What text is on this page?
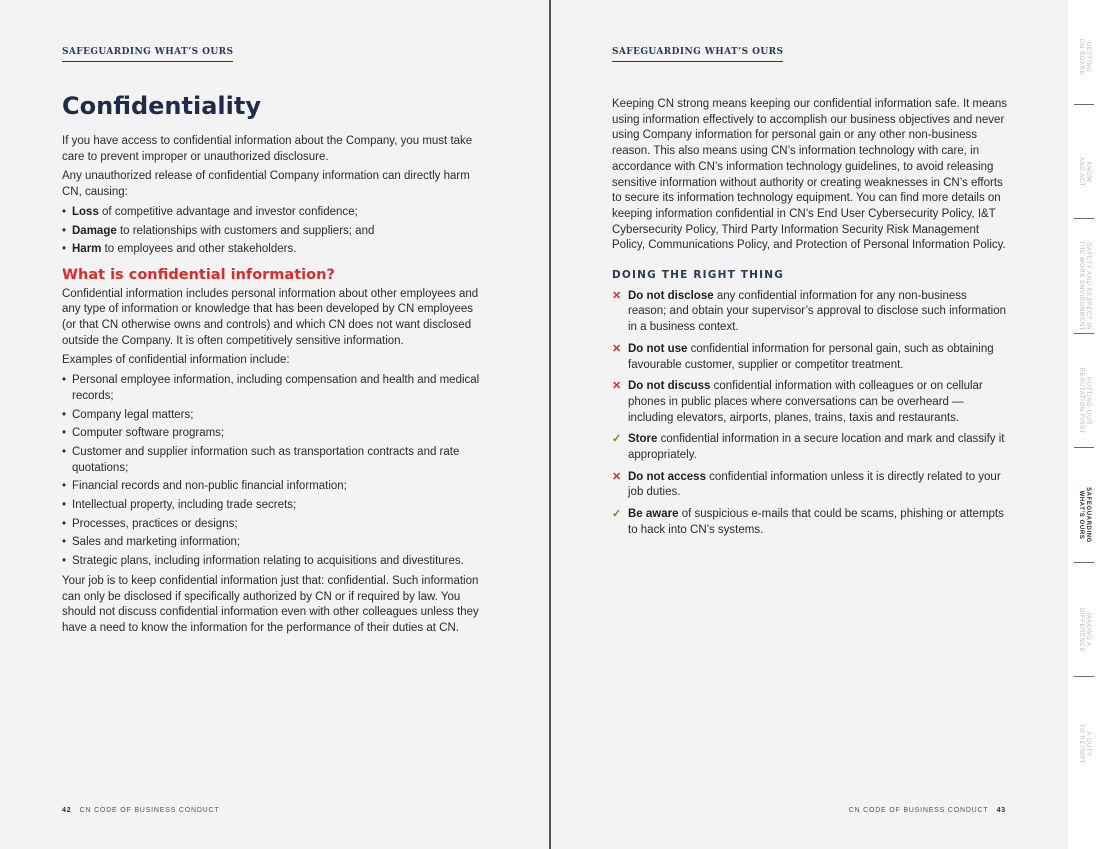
SAFEGUARDING WHAT’S OURS
Confidentiality

If you have access to confidential information about the Company, you must take care to prevent improper or unauthorized disclosure.

Any unauthorized release of confidential Company information can directly harm CN, causing:

• Loss of competitive advantage and investor confidence;
• Damage to relationships with customers and suppliers; and
• Harm to employees and other stakeholders.
What is confidential information?

Confidential information includes personal information about other employees and any type of information or knowledge that has been developed by CN employees (or that CN otherwise owns and controls) and which CN does not want disclosed outside the Company. It is often competitively sensitive information.

Examples of confidential information include:

• Personal employee information, including compensation and health and medical records;
• Company legal matters;
• Computer software programs;
• Customer and supplier information such as transportation contracts and rate quotations;
• Financial records and non-public financial information;
• Intellectual property, including trade secrets;
• Processes, practices or designs;
• Sales and marketing information;
• Strategic plans, including information relating to acquisitions and divestitures.

Your job is to keep confidential information just that: confidential. Such information can only be disclosed if specifically authorized by CN or if required by law. You should not discuss confidential information even with other colleagues unless they have a need to know the information for the performance of their duties at CN.

42 CN CODE OF BUSINESS CONDUCT
SAFEGUARDING WHAT’S OURS

Keeping CN strong means keeping our confidential information safe. It means using information effectively to accomplish our business objectives and never using Company information for personal gain or any other non-business reason. This also means using CN’s information technology with care, in accordance with CN’s information technology guidelines, to avoid releasing sensitive information without authority or creating weaknesses in CN’s efforts to secure its information technology equipment. You can find more details on keeping information confidential in CN’s End User Cybersecurity Policy, I&T Cybersecurity Policy, Third Party Information Security Risk Management Policy, Communications Policy, and Protection of Personal Information Policy.

DOING THE RIGHT THING
✕ Do not disclose any confidential information for any non-business reason; and obtain your supervisor’s approval to disclose such information in a business context.
✕ Do not use confidential information for personal gain, such as obtaining favourable customer, supplier or competitor treatment.
✕ Do not discuss confidential information with colleagues or on cellular phones in public places where conversations can be overheard — including elevators, airports, planes, trains, taxis and restaurants.
✓ Store confidential information in a secure location and mark and classify it appropriately.
✕ Do not access confidential information unless it is directly related to your job duties.
✓ Be aware of suspicious e-mails that could be scams, phishing or attempts to hack into CN’s systems.
CN CODE OF BUSINESS CONDUCT 43
GETTING
ON BOARD
KNOW
AND ACT
SAFETY AND RESPECT IN
THE WORK ENVIRONMENT
PUTTING OUR
REPUTATION FIRST
SAFEGUARDING
WHAT’S OURS
MAKING A
DIFFERENCE
A DUTY
TO REPORT
